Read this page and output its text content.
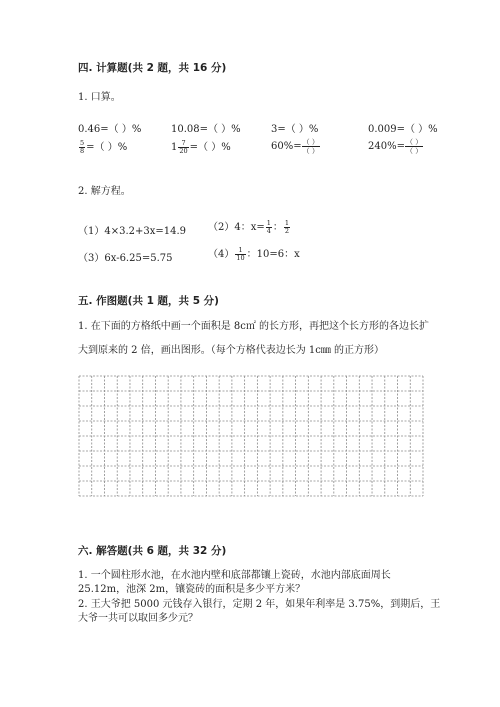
四. 计算题(共 2 题，共 16 分)
1. 口算。
0.46=（ ）%	10.08=（ ）%	3=（ ）%	0.009=（ ）%
$\frac{5}{8}$ =（ ）%	$1 \frac{7}{20}$ =（ ）%	$60\%= \frac{( )}{( )}$	$240\%= \frac{( )}{( )}$
2. 解方程。
（1）4×3.2+3x=14.9 （2）4：$x= \frac{1}{4}$ ： $\frac{1}{2}$
（3）6x-6.25=5.75	$(4) \frac{1}{10}$ ：10=6：x
五. 作图题(共 1 题，共 5 分)
1. 在下面的方格纸中画一个面积是 8c㎡ 的长方形，再把这个长方形的各边长扩
大到原来的 2 倍，画出图形。（每个方格代表边长为 1c㎜ 的正方形）
六. 解答题(共 6 题，共 32 分)
1. 一个圆柱形水池，在水池内壁和底部都镶上瓷砖，水池内部底面周长
25.12m，池深 2m，镶瓷砖的面积是多少平方米？
2. 王大爷把 5000 元钱存入银行，定期 2 年，如果年利率是 3.75%，到期后，王
大爷一共可以取回多少元？
